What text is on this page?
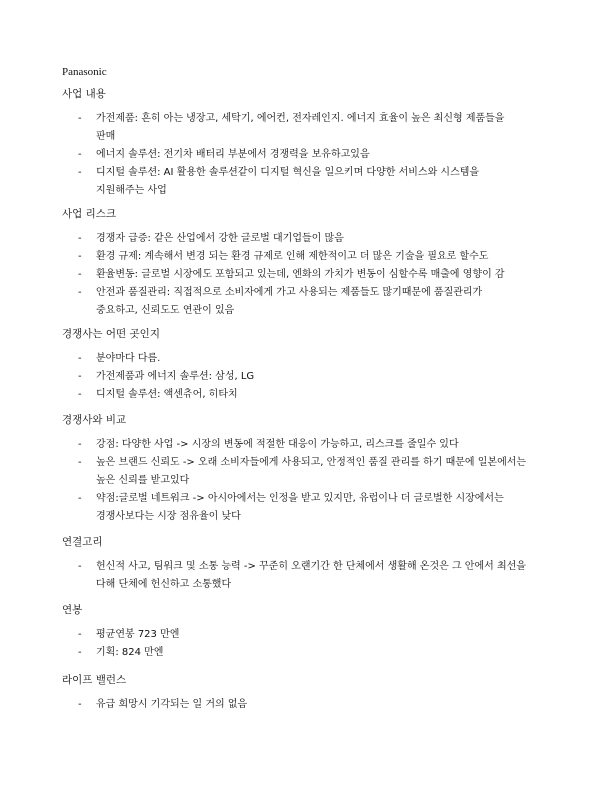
Panasonic
사업 내용
- 가전제품: 흔히 아는 냉장고, 세탁기, 에어컨, 전자레인지. 에너지 효율이 높은 최신형 제품들을
판매
- 에너지 솔루션: 전기차 배터리 부분에서 경쟁력을 보유하고있음
- 디지털 솔루션: AI 활용한 솔루션같이 디지털 혁신을 일으키며 다양한 서비스와 시스템을
지원해주는 사업
사업 리스크
- 경쟁자 급증: 같은 산업에서 강한 글로벌 대기업들이 많음
- 환경 규제: 계속해서 변경 되는 환경 규제로 인해 제한적이고 더 많은 기술을 필요로 할수도
- 환율변동: 글로벌 시장에도 포함되고 있는데, 엔화의 가치가 변동이 심할수록 매출에 영향이 감
- 안전과 품질관리: 직접적으로 소비자에게 가고 사용되는 제품들도 많기때문에 품질관리가
중요하고, 신뢰도도 연관이 있음
경쟁사는 어떤 곳인지
- 분야마다 다름.
- 가전제품과 에너지 솔루션: 삼성, LG
- 디지털 솔루션: 액센츄어, 히타치
경쟁사와 비교
- 강점: 다양한 사업 -> 시장의 변동에 적절한 대응이 가능하고, 리스크를 줄일수 있다
- 높은 브랜드 신뢰도 -> 오래 소비자들에게 사용되고, 안정적인 품질 관리를 하기 때문에 일본에서는
높은 신뢰를 받고있다
- 약점:글로벌 네트워크 -> 아시아에서는 인정을 받고 있지만, 유럽이나 더 글로벌한 시장에서는
경쟁사보다는 시장 점유율이 낮다
연결고리
- 헌신적 사고, 팀워크 및 소통 능력 -> 꾸준히 오랜기간 한 단체에서 생활해 온것은 그 안에서 최선을
다해 단체에 헌신하고 소통했다
연봉
- 평균연봉 723 만엔
- 기획: 824 만엔
라이프 밸런스
- 유급 희망시 기각되는 일 거의 없음
